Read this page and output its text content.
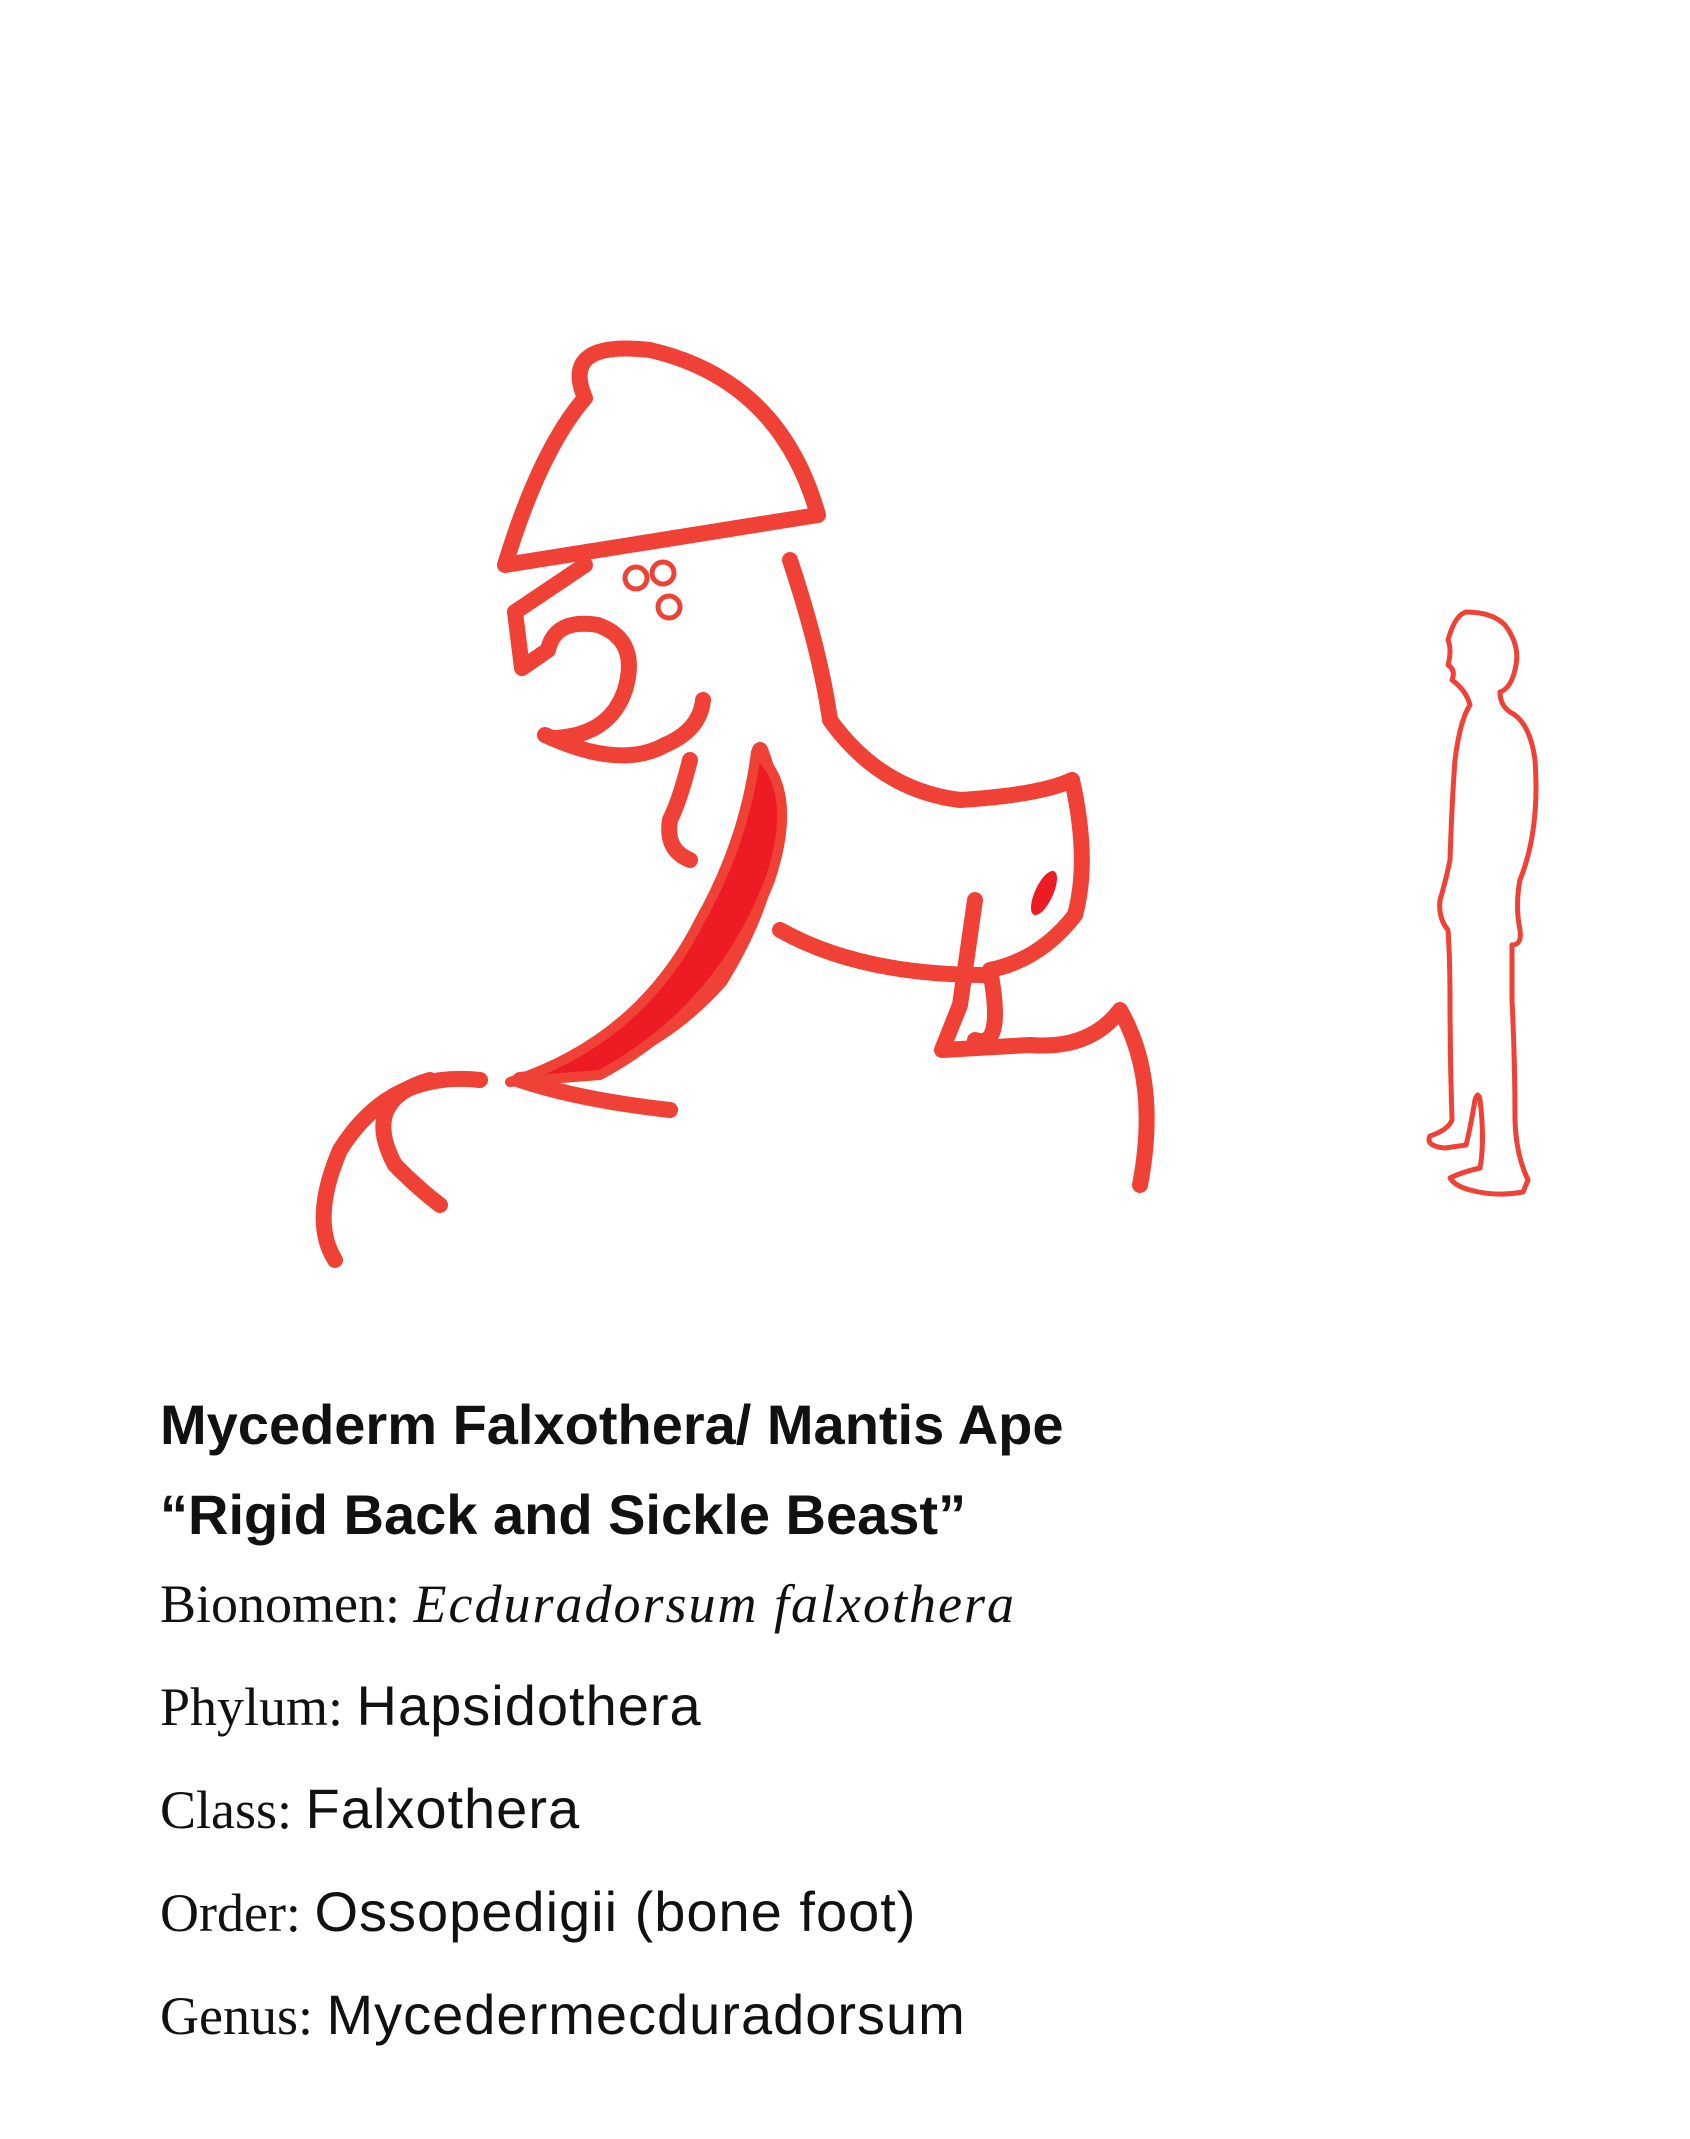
Mycederm Falxothera/ Mantis Ape
“Rigid Back and Sickle Beast”
Bionomen: Ecduradorsum falxothera
Phylum: Hapsidothera
Class: Falxothera
Order: Ossopedigii (bone foot)
Genus: Mycedermecduradorsum
